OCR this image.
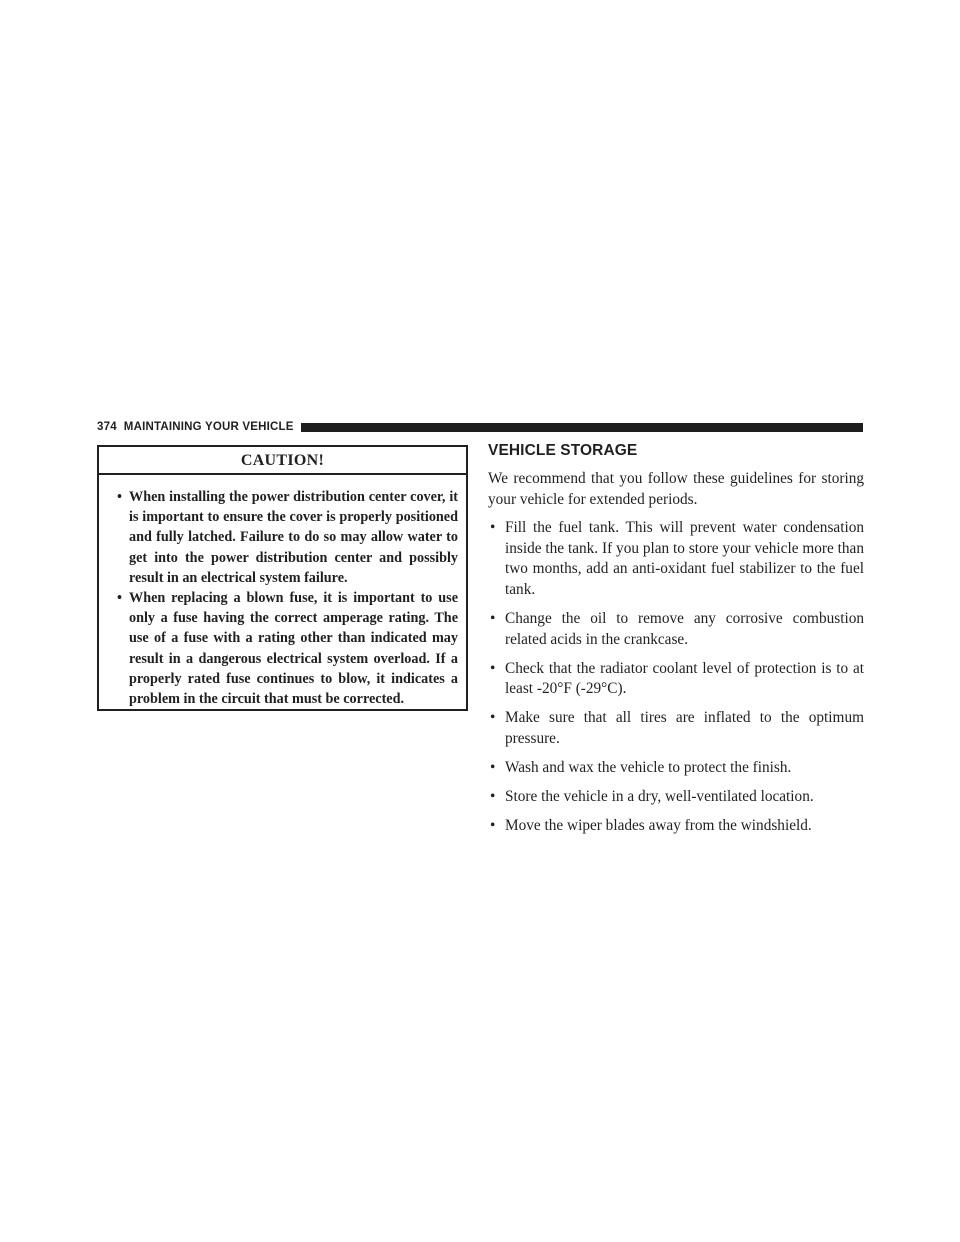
374 MAINTAINING YOUR VEHICLE
CAUTION!
• When installing the power distribution center cover, it is important to ensure the cover is properly positioned and fully latched. Failure to do so may allow water to get into the power distribution center and possibly result in an electrical system failure.
• When replacing a blown fuse, it is important to use only a fuse having the correct amperage rating. The use of a fuse with a rating other than indicated may result in a dangerous electrical system overload. If a properly rated fuse continues to blow, it indicates a problem in the circuit that must be corrected.
VEHICLE STORAGE

We recommend that you follow these guidelines for storing your vehicle for extended periods.

• Fill the fuel tank. This will prevent water condensation inside the tank. If you plan to store your vehicle more than two months, add an anti-oxidant fuel stabilizer to the fuel tank.
• Change the oil to remove any corrosive combustion related acids in the crankcase.
• Check that the radiator coolant level of protection is to at least -20°F (-29°C).
• Make sure that all tires are inflated to the optimum pressure.
• Wash and wax the vehicle to protect the finish.
• Store the vehicle in a dry, well-ventilated location.
• Move the wiper blades away from the windshield.
